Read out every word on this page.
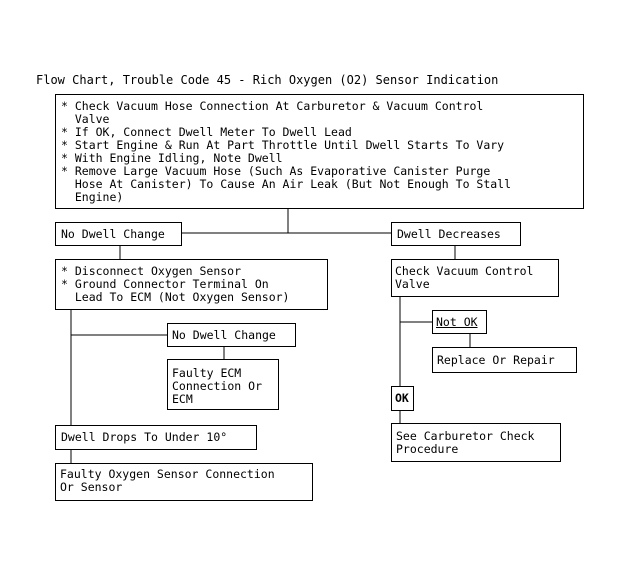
Flow Chart, Trouble Code 45 - Rich Oxygen (O2) Sensor Indication
* Check Vacuum Hose Connection At Carburetor & Vacuum Control
Valve
* If OK, Connect Dwell Meter To Dwell Lead
* Start Engine & Run At Part Throttle Until Dwell Starts To Vary
* With Engine Idling, Note Dwell
* Remove Large Vacuum Hose (Such As Evaporative Canister Purge
Hose At Canister) To Cause An Air Leak (But Not Enough To Stall
Engine)
No Dwell Change	Dwell Decreases
* Disconnect Oxygen Sensor
* Ground Connector Terminal On
Lead To ECM (Not Oxygen Sensor)
Check Vacuum Control
Valve
No Dwell Change
Not OK
Faulty ECM
Connection Or
ECM
Replace Or Repair
OK
Dwell Drops To Under 10°	See Carburetor Check
Procedure
Faulty Oxygen Sensor Connection
Or Sensor
